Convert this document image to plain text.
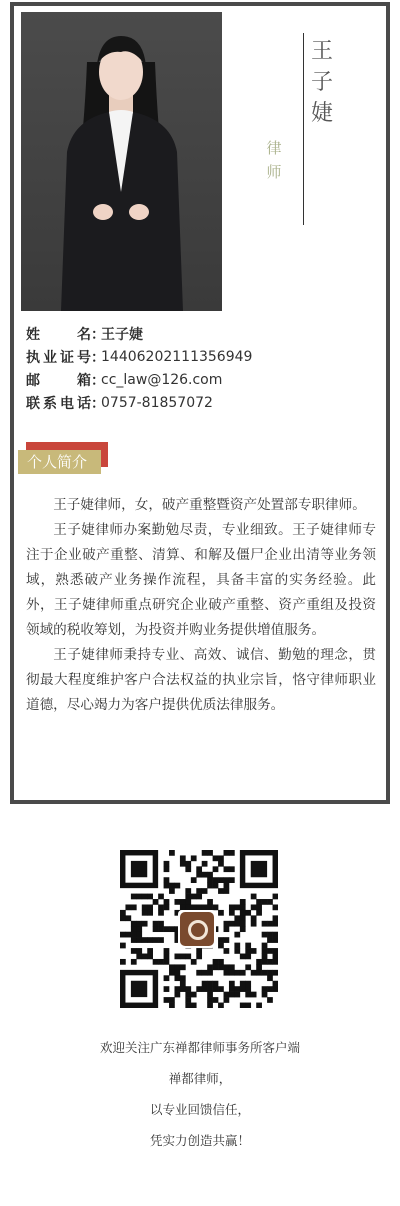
律
师
王
子
婕
姓	名 ：
王子婕
执 业 证 号 ：
14406202111356949
邮	箱 ：
cc_law@126.com
联 系 电 话 ：
0757-81857072
个人简介

王子婕律师，女，破产重整暨资产处置部专职律师。

王子婕律师办案勤勉尽责，专业细致。王子婕律师专注于企业破产重整、清算、和解及僵尸企业出清等业务领域，熟悉破产业务操作流程，具备丰富的实务经验。此外，王子婕律师重点研究企业破产重整、资产重组及投资领域的税收筹划，为投资并购业务提供增值服务。

王子婕律师秉持专业、高效、诚信、勤勉的理念，贯彻最大程度维护客户合法权益的执业宗旨，恪守律师职业道德，尽心竭力为客户提供优质法律服务。

欢迎关注广东禅都律师事务所客户端
禅都律师，
以专业回馈信任，
凭实力创造共赢！
